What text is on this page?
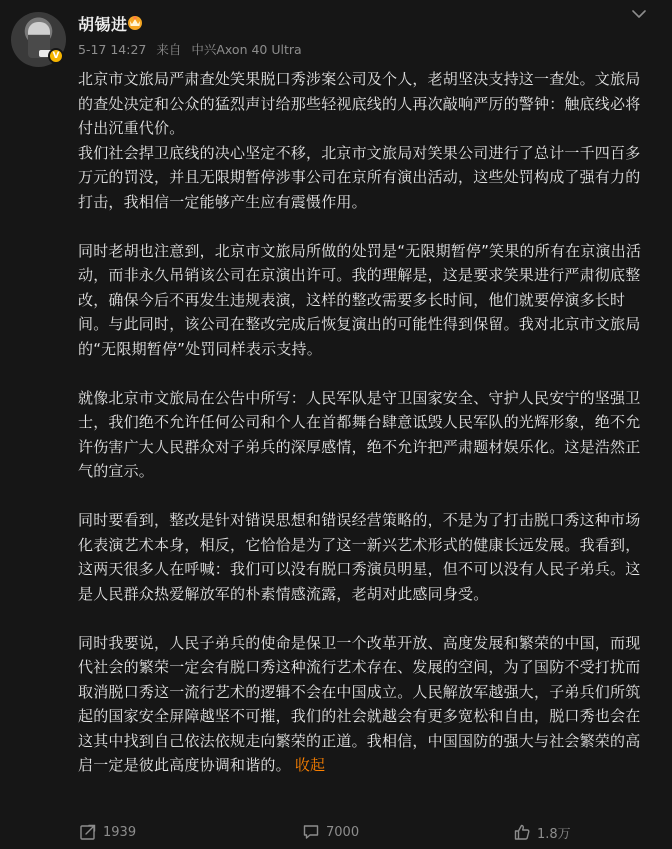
V
胡锡进
5-17 14:27 来自 中兴Axon 40 Ultra

北京市文旅局严肃查处笑果脱口秀涉案公司及个人，老胡坚决支持这一查处。文旅局的查处决定和公众的猛烈声讨给那些轻视底线的人再次敲响严厉的警钟：触底线必将付出沉重代价。

我们社会捍卫底线的决心坚定不移，北京市文旅局对笑果公司进行了总计一千四百多万元的罚没，并且无限期暂停涉事公司在京所有演出活动，这些处罚构成了强有力的打击，我相信一定能够产生应有震慑作用。

同时老胡也注意到，北京市文旅局所做的处罚是“无限期暂停”笑果的所有在京演出活动，而非永久吊销该公司在京演出许可。我的理解是，这是要求笑果进行严肃彻底整改，确保今后不再发生违规表演，这样的整改需要多长时间，他们就要停演多长时间。与此同时，该公司在整改完成后恢复演出的可能性得到保留。我对北京市文旅局的“无限期暂停”处罚同样表示支持。

就像北京市文旅局在公告中所写：人民军队是守卫国家安全、守护人民安宁的坚强卫士，我们绝不允许任何公司和个人在首都舞台肆意诋毁人民军队的光辉形象，绝不允许伤害广大人民群众对子弟兵的深厚感情，绝不允许把严肃题材娱乐化。这是浩然正气的宣示。

同时要看到，整改是针对错误思想和错误经营策略的，不是为了打击脱口秀这种市场化表演艺术本身，相反，它恰恰是为了这一新兴艺术形式的健康长远发展。我看到，这两天很多人在呼喊：我们可以没有脱口秀演员明星，但不可以没有人民子弟兵。这是人民群众热爱解放军的朴素情感流露，老胡对此感同身受。

同时我要说，人民子弟兵的使命是保卫一个改革开放、高度发展和繁荣的中国，而现代社会的繁荣一定会有脱口秀这种流行艺术存在、发展的空间，为了国防不受打扰而取消脱口秀这一流行艺术的逻辑不会在中国成立。人民解放军越强大，子弟兵们所筑起的国家安全屏障越坚不可摧，我们的社会就越会有更多宽松和自由，脱口秀也会在这其中找到自己依法依规走向繁荣的正道。我相信，中国国防的强大与社会繁荣的高启一定是彼此高度协调和谐的。 收起

1939	7000	1.8万
